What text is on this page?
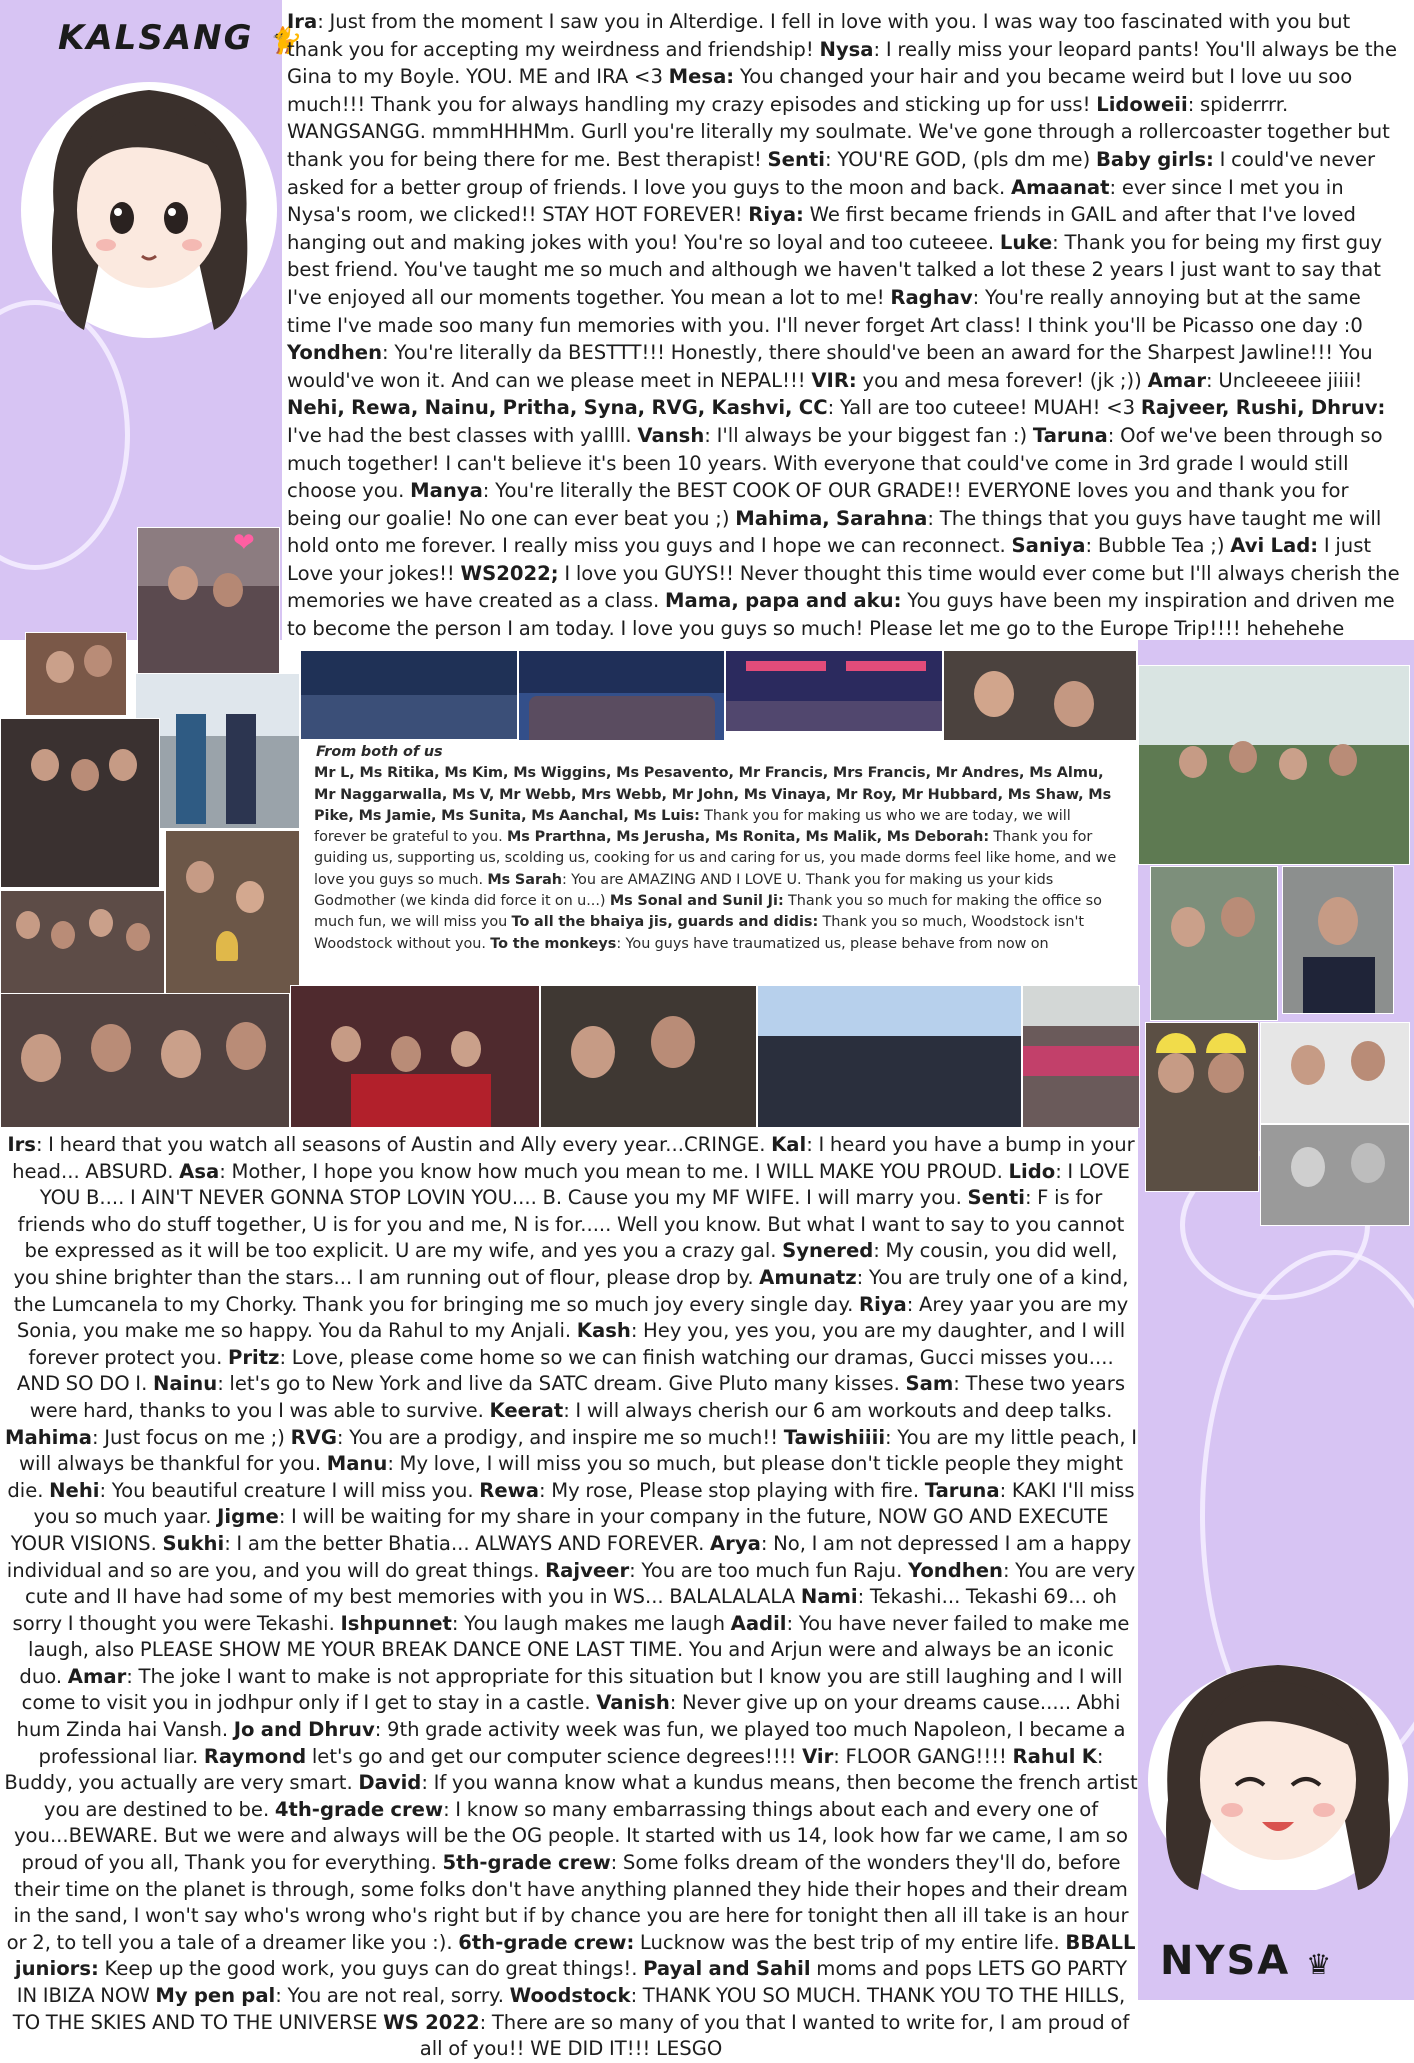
KALSANG 🐈
Ira: Just from the moment I saw you in Alterdige. I fell in love with you. I was way too fascinated with you but thank you for accepting my weirdness and friendship! Nysa: I really miss your leopard pants! You'll always be the Gina to my Boyle. YOU. ME and IRA <3 Mesa: You changed your hair and you became weird but I love uu soo much!!! Thank you for always handling my crazy episodes and sticking up for uss! Lidoweii: spiderrrr. WANGSANGG. mmmHHHMm. Gurll you're literally my soulmate. We've gone through a rollercoaster together but thank you for being there for me. Best therapist! Senti: YOU'RE GOD, (pls dm me) Baby girls: I could've never asked for a better group of friends. I love you guys to the moon and back. Amaanat: ever since I met you in Nysa's room, we clicked!! STAY HOT FOREVER! Riya: We first became friends in GAIL and after that I've loved hanging out and making jokes with you! You're so loyal and too cuteeee. Luke: Thank you for being my first guy best friend. You've taught me so much and although we haven't talked a lot these 2 years I just want to say that I've enjoyed all our moments together. You mean a lot to me! Raghav: You're really annoying but at the same time I've made soo many fun memories with you. I'll never forget Art class! I think you'll be Picasso one day :0 Yondhen: You're literally da BESTTT!!! Honestly, there should've been an award for the Sharpest Jawline!!! You would've won it. And can we please meet in NEPAL!!! VIR: you and mesa forever! (jk ;)) Amar: Uncleeeee jiiii! Nehi, Rewa, Nainu, Pritha, Syna, RVG, Kashvi, CC: Yall are too cuteee! MUAH! <3 Rajveer, Rushi, Dhruv: I've had the best classes with yallll. Vansh: I'll always be your biggest fan :) Taruna: Oof we've been through so much together! I can't believe it's been 10 years. With everyone that could've come in 3rd grade I would still choose you. Manya: You're literally the BEST COOK OF OUR GRADE!! EVERYONE loves you and thank you for being our goalie! No one can ever beat you ;) Mahima, Sarahna: The things that you guys have taught me will hold onto me forever. I really miss you guys and I hope we can reconnect. Saniya: Bubble Tea ;) Avi Lad: I just Love your jokes!! WS2022; I love you GUYS!! Never thought this time would ever come but I'll always cherish the memories we have created as a class. Mama, papa and aku: You guys have been my inspiration and driven me to become the person I am today. I love you guys so much! Please let me go to the Europe Trip!!!! hehehehe
❤
From both of us
Mr L, Ms Ritika, Ms Kim, Ms Wiggins, Ms Pesavento, Mr Francis, Mrs Francis, Mr Andres, Ms Almu, Mr Naggarwalla, Ms V, Mr Webb, Mrs Webb, Mr John, Ms Vinaya, Mr Roy, Mr Hubbard, Ms Shaw, Ms Pike, Ms Jamie, Ms Sunita, Ms Aanchal, Ms Luis: Thank you for making us who we are today, we will forever be grateful to you. Ms Prarthna, Ms Jerusha, Ms Ronita, Ms Malik, Ms Deborah: Thank you for guiding us, supporting us, scolding us, cooking for us and caring for us, you made dorms feel like home, and we love you guys so much. Ms Sarah: You are AMAZING AND I LOVE U. Thank you for making us your kids Godmother (we kinda did force it on u...) Ms Sonal and Sunil Ji: Thank you so much for making the office so much fun, we will miss you To all the bhaiya jis, guards and didis: Thank you so much, Woodstock isn't Woodstock without you. To the monkeys: You guys have traumatized us, please behave from now on
Irs: I heard that you watch all seasons of Austin and Ally every year...CRINGE. Kal: I heard you have a bump in your head... ABSURD. Asa: Mother, I hope you know how much you mean to me. I WILL MAKE YOU PROUD. Lido: I LOVE YOU B.... I AIN'T NEVER GONNA STOP LOVIN YOU.... B. Cause you my MF WIFE. I will marry you. Senti: F is for friends who do stuff together, U is for you and me, N is for..... Well you know. But what I want to say to you cannot be expressed as it will be too explicit. U are my wife, and yes you a crazy gal. Synered: My cousin, you did well, you shine brighter than the stars... I am running out of flour, please drop by. Amunatz: You are truly one of a kind, the Lumcanela to my Chorky. Thank you for bringing me so much joy every single day. Riya: Arey yaar you are my Sonia, you make me so happy. You da Rahul to my Anjali. Kash: Hey you, yes you, you are my daughter, and I will forever protect you. Pritz: Love, please come home so we can finish watching our dramas, Gucci misses you.... AND SO DO I. Nainu: let's go to New York and live da SATC dream. Give Pluto many kisses. Sam: These two years were hard, thanks to you I was able to survive. Keerat: I will always cherish our 6 am workouts and deep talks. Mahima: Just focus on me ;) RVG: You are a prodigy, and inspire me so much!! Tawishiiii: You are my little peach, I will always be thankful for you. Manu: My love, I will miss you so much, but please don't tickle people they might die. Nehi: You beautiful creature I will miss you. Rewa: My rose, Please stop playing with fire. Taruna: KAKI I'll miss you so much yaar. Jigme: I will be waiting for my share in your company in the future, NOW GO AND EXECUTE YOUR VISIONS. Sukhi: I am the better Bhatia... ALWAYS AND FOREVER. Arya: No, I am not depressed I am a happy individual and so are you, and you will do great things. Rajveer: You are too much fun Raju. Yondhen: You are very cute and II have had some of my best memories with you in WS... BALALALALA Nami: Tekashi... Tekashi 69... oh sorry I thought you were Tekashi. Ishpunnet: You laugh makes me laugh Aadil: You have never failed to make me laugh, also PLEASE SHOW ME YOUR BREAK DANCE ONE LAST TIME. You and Arjun were and always be an iconic duo. Amar: The joke I want to make is not appropriate for this situation but I know you are still laughing and I will come to visit you in jodhpur only if I get to stay in a castle. Vanish: Never give up on your dreams cause..... Abhi hum Zinda hai Vansh. Jo and Dhruv: 9th grade activity week was fun, we played too much Napoleon, I became a professional liar. Raymond let's go and get our computer science degrees!!!! Vir: FLOOR GANG!!!! Rahul K: Buddy, you actually are very smart. David: If you wanna know what a kundus means, then become the french artist you are destined to be. 4th-grade crew: I know so many embarrassing things about each and every one of you...BEWARE. But we were and always will be the OG people. It started with us 14, look how far we came, I am so proud of you all, Thank you for everything. 5th-grade crew: Some folks dream of the wonders they'll do, before their time on the planet is through, some folks don't have anything planned they hide their hopes and their dream in the sand, I won't say who's wrong who's right but if by chance you are here for tonight then all ill take is an hour or 2, to tell you a tale of a dreamer like you :). 6th-grade crew: Lucknow was the best trip of my entire life. BBALL juniors: Keep up the good work, you guys can do great things!. Payal and Sahil moms and pops LETS GO PARTY IN IBIZA NOW My pen pal: You are not real, sorry. Woodstock: THANK YOU SO MUCH. THANK YOU TO THE HILLS, TO THE SKIES AND TO THE UNIVERSE WS 2022: There are so many of you that I wanted to write for, I am proud of all of you!! WE DID IT!!! LESGO
NYSA ♛
